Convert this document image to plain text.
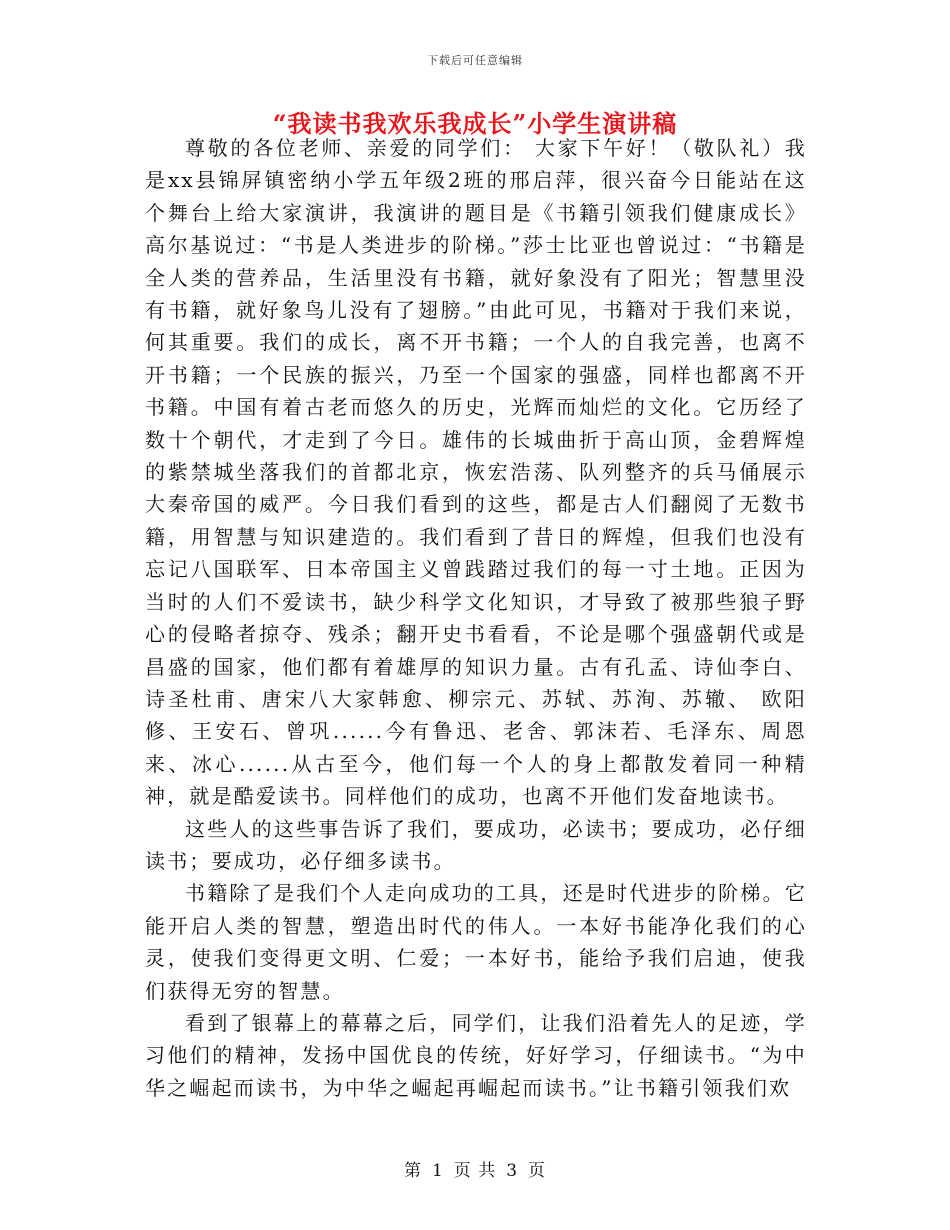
下载后可任意编辑
“我读书我欢乐我成长”小学生演讲稿

尊敬的各位老师、亲爱的同学们： 大家下午好！（敬队礼）我是xx县锦屏镇密纳小学五年级2班的邢启萍，很兴奋今日能站在这个舞台上给大家演讲，我演讲的题目是《书籍引领我们健康成长》高尔基说过：“书是人类进步的阶梯。”莎士比亚也曾说过：“书籍是全人类的营养品，生活里没有书籍，就好象没有了阳光；智慧里没有书籍，就好象鸟儿没有了翅膀。”由此可见，书籍对于我们来说，何其重要。我们的成长，离不开书籍；一个人的自我完善，也离不开书籍；一个民族的振兴，乃至一个国家的强盛，同样也都离不开书籍。中国有着古老而悠久的历史，光辉而灿烂的文化。它历经了数十个朝代，才走到了今日。雄伟的长城曲折于高山顶，金碧辉煌的紫禁城坐落我们的首都北京，恢宏浩荡、队列整齐的兵马俑展示大秦帝国的威严。今日我们看到的这些，都是古人们翻阅了无数书籍，用智慧与知识建造的。我们看到了昔日的辉煌，但我们也没有忘记八国联军、日本帝国主义曾践踏过我们的每一寸土地。正因为当时的人们不爱读书，缺少科学文化知识，才导致了被那些狼子野心的侵略者掠夺、残杀；翻开史书看看，不论是哪个强盛朝代或是昌盛的国家，他们都有着雄厚的知识力量。古有孔孟、诗仙李白、诗圣杜甫、唐宋八大家韩愈、柳宗元、苏轼、苏洵、苏辙、 欧阳修、王安石、曾巩......今有鲁迅、老舍、郭沫若、毛泽东、周恩来、冰心......从古至今，他们每一个人的身上都散发着同一种精神，就是酷爱读书。同样他们的成功，也离不开他们发奋地读书。

这些人的这些事告诉了我们，要成功，必读书；要成功，必仔细读书；要成功，必仔细多读书。

书籍除了是我们个人走向成功的工具，还是时代进步的阶梯。它能开启人类的智慧，塑造出时代的伟人。一本好书能净化我们的心灵，使我们变得更文明、仁爱；一本好书，能给予我们启迪，使我们获得无穷的智慧。

看到了银幕上的幕幕之后，同学们，让我们沿着先人的足迹，学习他们的精神，发扬中国优良的传统，好好学习，仔细读书。“为中华之崛起而读书，为中华之崛起再崛起而读书。”让书籍引领我们欢

第 1 页 共 3 页
